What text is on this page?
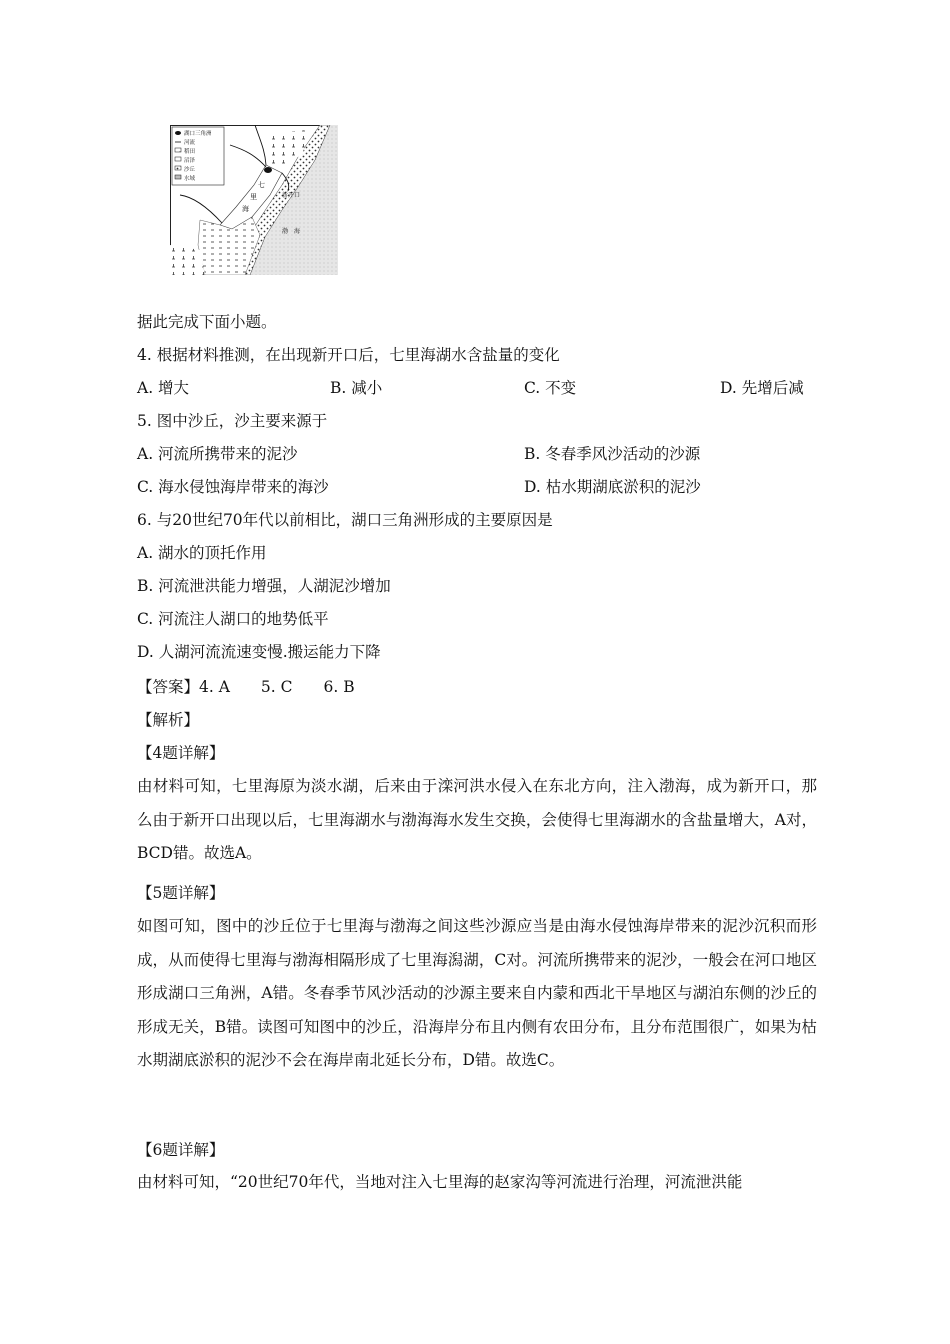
湖口三角洲
河流
稻田
沼泽
沙丘
水域
七
里
海
新开口
渤　海
据此完成下面小题。
4. 根据材料推测，在出现新开口后，七里海湖水含盐量的变化
A. 增大	B. 减小	C. 不变	D. 先增后减
5. 图中沙丘，沙主要来源于
A. 河流所携带来的泥沙	B. 冬春季风沙活动的沙源
C. 海水侵蚀海岸带来的海沙	D. 枯水期湖底淤积的泥沙
6. 与20世纪70年代以前相比，湖口三角洲形成的主要原因是
A. 湖水的顶托作用
B. 河流泄洪能力增强，人湖泥沙增加
C. 河流注人湖口的地势低平
D. 人湖河流流速变慢.搬运能力下降
【答案】4. A　　5. C　　6. B
【解析】
【4题详解】
由材料可知，七里海原为淡水湖，后来由于滦河洪水侵入在东北方向，注入渤海，成为新开口，那么由于新开口出现以后，七里海湖水与渤海海水发生交换，会使得七里海湖水的含盐量增大，A对，BCD错。故选A。
【5题详解】
如图可知，图中的沙丘位于七里海与渤海之间这些沙源应当是由海水侵蚀海岸带来的泥沙沉积而形成，从而使得七里海与渤海相隔形成了七里海潟湖，C对。河流所携带来的泥沙，一般会在河口地区形成湖口三角洲，A错。冬春季节风沙活动的沙源主要来自内蒙和西北干旱地区与湖泊东侧的沙丘的形成无关，B错。读图可知图中的沙丘，沿海岸分布且内侧有农田分布，且分布范围很广，如果为枯水期湖底淤积的泥沙不会在海岸南北延长分布，D错。故选C。
【6题详解】
由材料可知，“20世纪70年代，当地对注入七里海的赵家沟等河流进行治理，河流泄洪能
